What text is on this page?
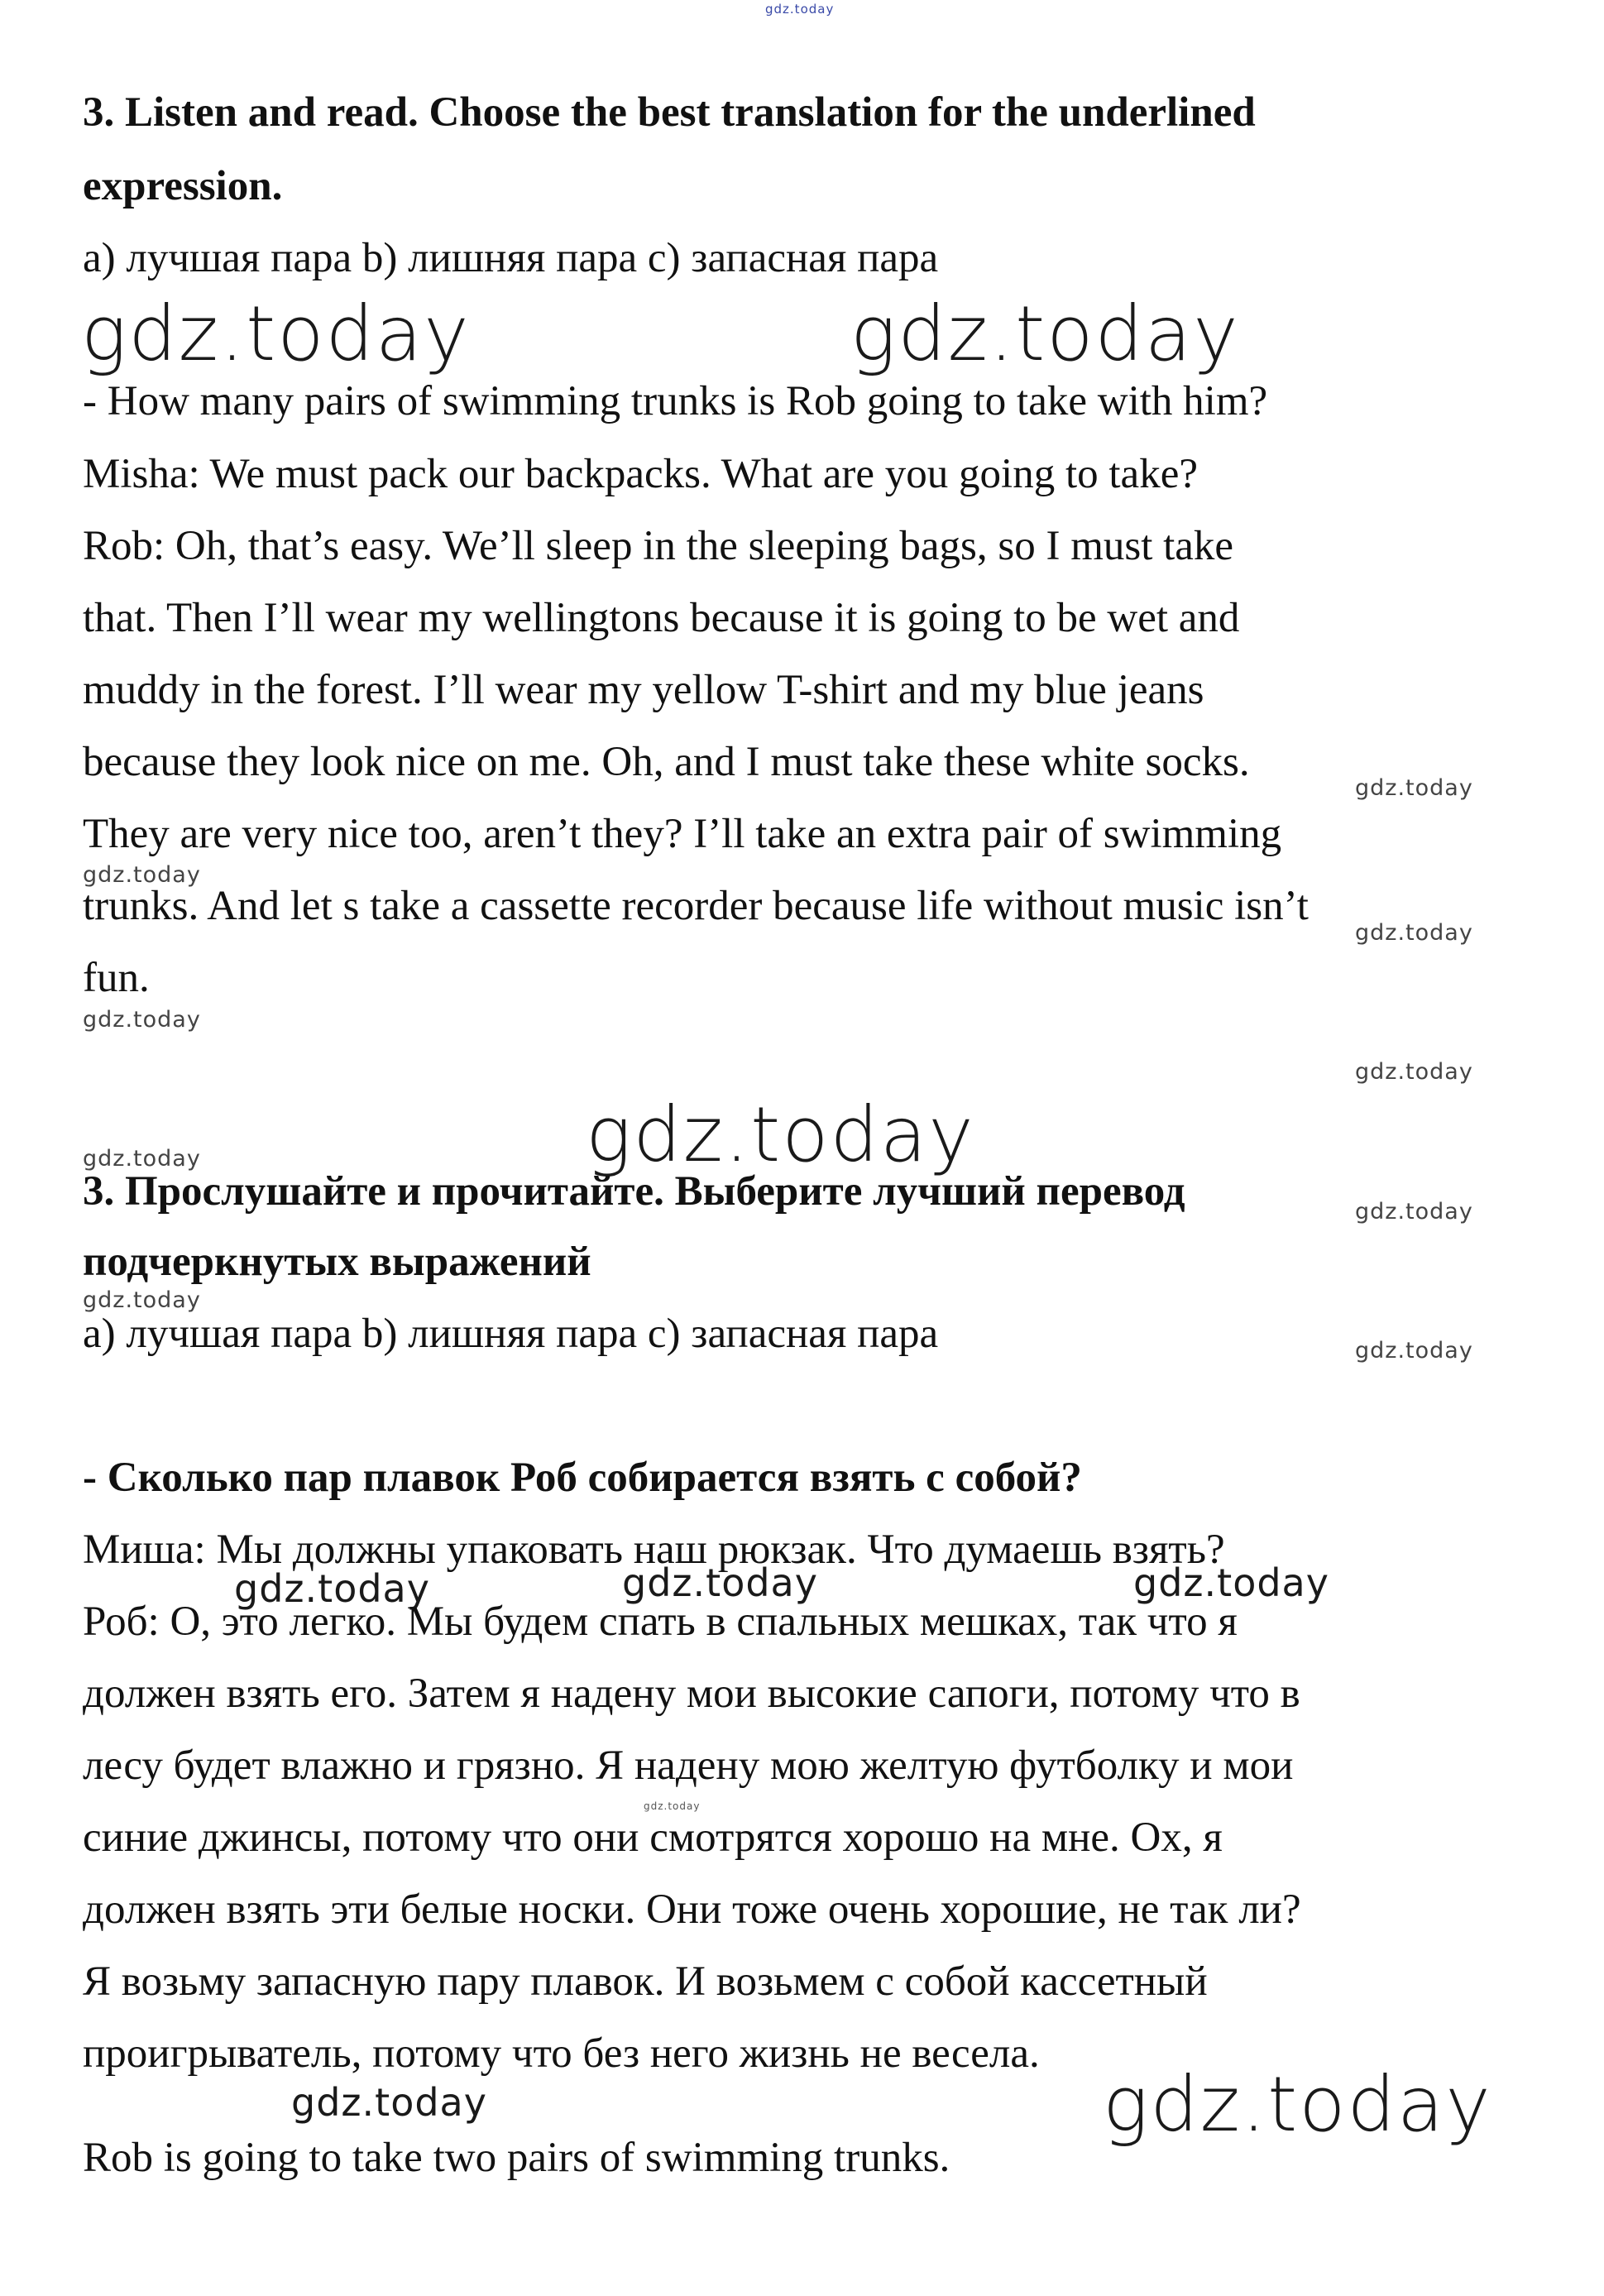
gdz.today
3. Listen and read. Choose the best translation for the underlined
expression.
a) лучшая пара b) лишняя пара c) запасная пара
gdz.today	gdz.today
- How many pairs of swimming trunks is Rob going to take with him?
Misha: We must pack our backpacks. What are you going to take?
Rob: Oh, that’s easy. We’ll sleep in the sleeping bags, so I must take
that. Then I’ll wear my wellingtons because it is going to be wet and
muddy in the forest. I’ll wear my yellow T-shirt and my blue jeans
because they look nice on me. Oh, and I must take these white socks.
gdz.today
They are very nice too, aren’t they? I’ll take an extra pair of swimming
gdz.today
trunks. And let s take a cassette recorder because life without music isn’t
gdz.today
fun.
gdz.today
gdz.today
gdz.today
gdz.today
3. Прослушайте и прочитайте. Выберите лучший перевод	gdz.today
подчеркнутых выражений
gdz.today
a) лучшая пара b) лишняя пара c) запасная пара	gdz.today
- Сколько пар плавок Роб собирается взять с собой?
Миша: Мы должны упаковать наш рюкзак. Что думаешь взять?
gdz.today	gdz.today	gdz.today
Роб: О, это легко. Мы будем спать в спальных мешках, так что я
должен взять его. Затем я надену мои высокие сапоги, потому что в
лесу будет влажно и грязно. Я надену мою желтую футболку и мои
gdz.today
синие джинсы, потому что они смотрятся хорошо на мне. Ох, я
должен взять эти белые носки. Они тоже очень хорошие, не так ли?
Я возьму запасную пару плавок. И возьмем с собой кассетный
проигрыватель, потому что без него жизнь не весела.
gdz.today	gdz.today
Rob is going to take two pairs of swimming trunks.
